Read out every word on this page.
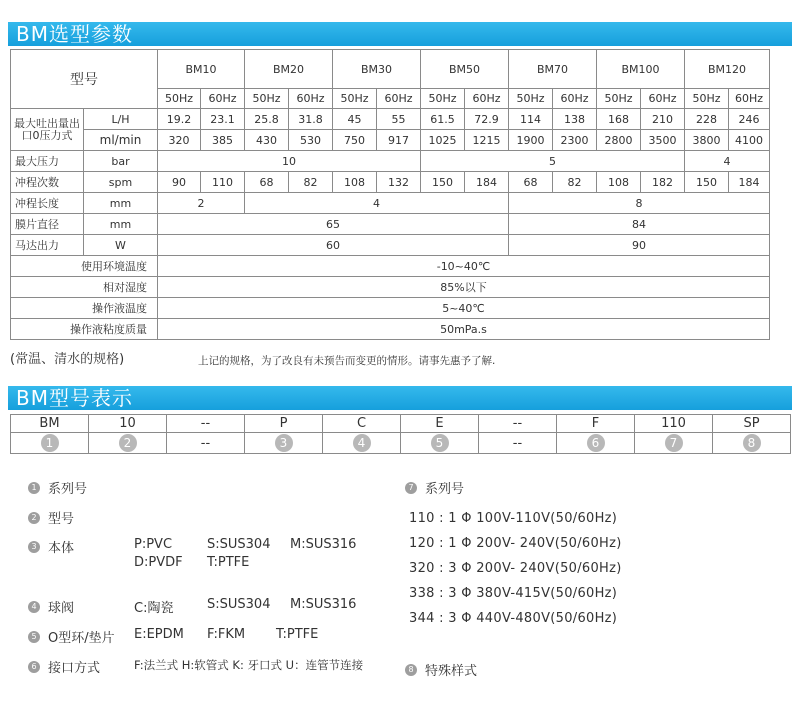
BM选型参数
型号		BM10		BM20		BM30		BM50		BM70		BM100		BM120	
		50Hz	60Hz	50Hz	60Hz	50Hz	60Hz	50Hz	60Hz	50Hz	60Hz	50Hz	60Hz	50Hz	60Hz
最大吐出量出口0压力式	L/H	19.2	23.1	25.8	31.8	45	55	61.5	72.9	114	138	168	210	228	246
	ml/min	320	385	430	530	750	917	1025	1215	1900	2300	2800	3500	3800	4100
最大压力	bar	10						5						4	
冲程次数	spm	90	110	68	82	108	132	150	184	68	82	108	182	150	184
冲程长度	mm	2		4						8					
膜片直径	mm	65								84					
马达出力	W	60								90					
使用环境温度		-10~40℃													
相对湿度		85%以下													
操作液温度		5~40℃													
操作液粘度质量		50mPa.s													
(常温、清水的规格)	上记的规格，为了改良有未预告而变更的情形。请事先惠予了解.
BM型号表示
BM	10	--	P	C	E	--	F	110	SP
1	2	--	3	4	5	--	6	7	8
1 系列号
2 型号
3 本体	P:PVC	S:SUS304 M:SUS316
D:PVDF T:PTFE
4 球阀	C:陶瓷	S:SUS304 M:SUS316
5 O型环/垫片 E:EPDM F:FKM T:PTFE
6 接口方式	F:法兰式 H:软管式 K: 牙口式 U：连管节连接
7 系列号
110 : 1 Φ 100V-110V(50/60Hz)
120 : 1 Φ 200V- 240V(50/60Hz)
320 : 3 Φ 200V- 240V(50/60Hz)
338 : 3 Φ 380V-415V(50/60Hz)
344 : 3 Φ 440V-480V(50/60Hz)
8 特殊样式
